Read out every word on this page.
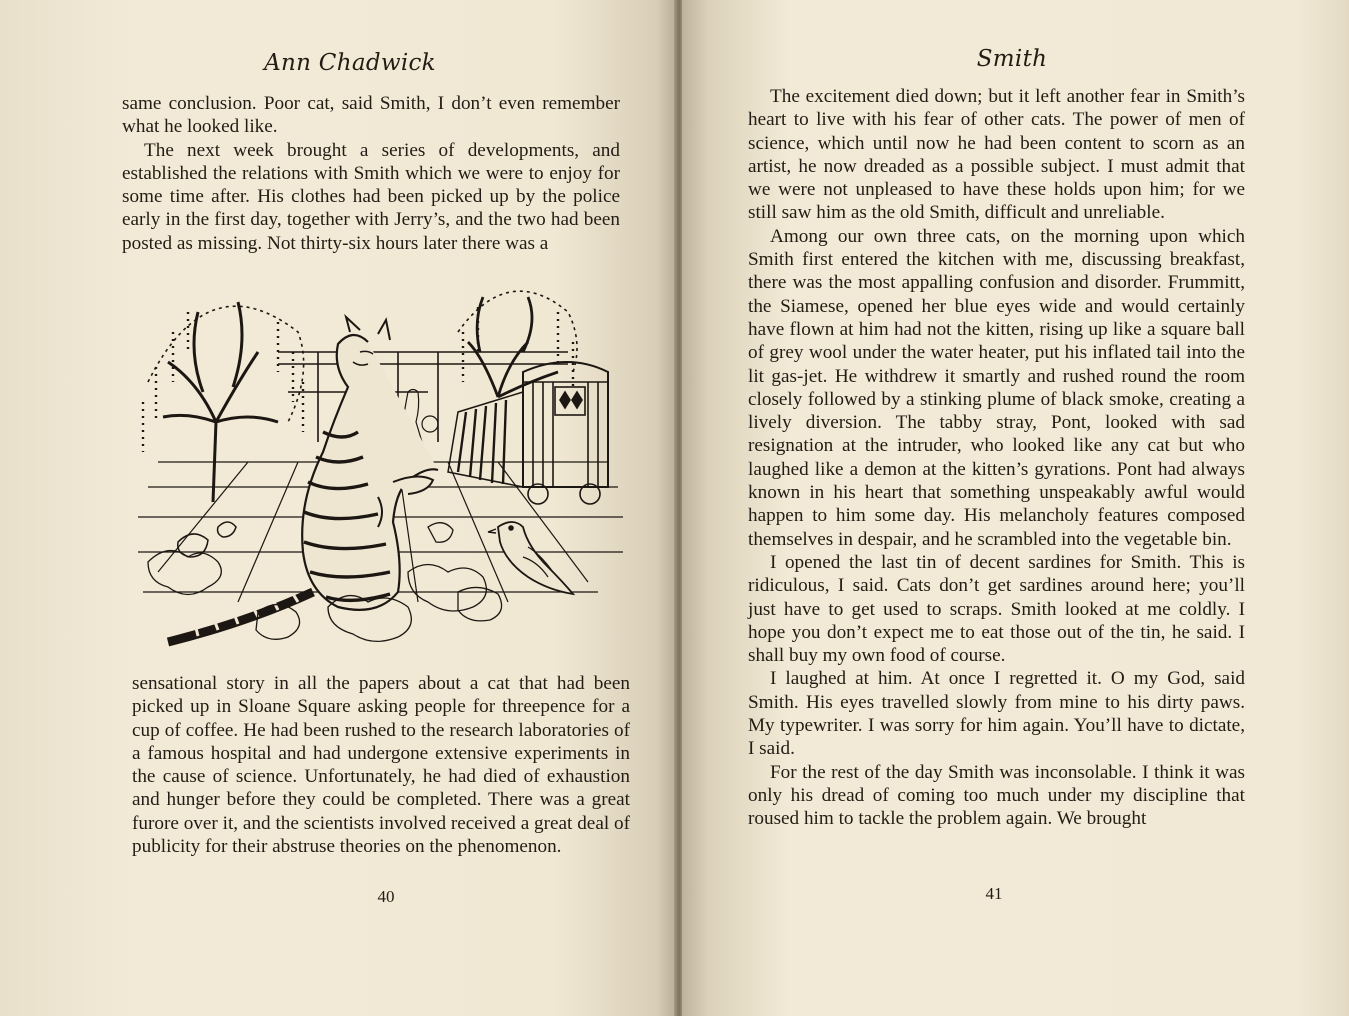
Ann Chadwick

same conclusion. Poor cat, said Smith, I don’t even remember what he looked like.

The next week brought a series of developments, and established the relations with Smith which we were to enjoy for some time after. His clothes had been picked up by the police early in the first day, together with Jerry’s, and the two had been posted as missing. Not thirty-six hours later there was a

sensational story in all the papers about a cat that had been picked up in Sloane Square asking people for threepence for a cup of coffee. He had been rushed to the research laboratories of a famous hospital and had undergone extensive experiments in the cause of science. Unfortunately, he had died of exhaustion and hunger before they could be completed. There was a great furore over it, and the scientists involved received a great deal of publicity for their abstruse theories on the phenomenon.

40
Smith

The excitement died down; but it left another fear in Smith’s heart to live with his fear of other cats. The power of men of science, which until now he had been content to scorn as an artist, he now dreaded as a possible subject. I must admit that we were not unpleased to have these holds upon him; for we still saw him as the old Smith, difficult and unreliable.

Among our own three cats, on the morning upon which Smith first entered the kitchen with me, discussing breakfast, there was the most appalling confusion and disorder. Frummitt, the Siamese, opened her blue eyes wide and would certainly have flown at him had not the kitten, rising up like a square ball of grey wool under the water heater, put his inflated tail into the lit gas-jet. He withdrew it smartly and rushed round the room closely followed by a stinking plume of black smoke, creating a lively diversion. The tabby stray, Pont, looked with sad resignation at the intruder, who looked like any cat but who laughed like a demon at the kitten’s gyrations. Pont had always known in his heart that something unspeakably awful would happen to him some day. His melancholy features composed themselves in despair, and he scrambled into the vegetable bin.

I opened the last tin of decent sardines for Smith. This is ridiculous, I said. Cats don’t get sardines around here; you’ll just have to get used to scraps. Smith looked at me coldly. I hope you don’t expect me to eat those out of the tin, he said. I shall buy my own food of course.

I laughed at him. At once I regretted it. O my God, said Smith. His eyes travelled slowly from mine to his dirty paws. My typewriter. I was sorry for him again. You’ll have to dictate, I said.

For the rest of the day Smith was inconsolable. I think it was only his dread of coming too much under my discipline that roused him to tackle the problem again. We brought

41
